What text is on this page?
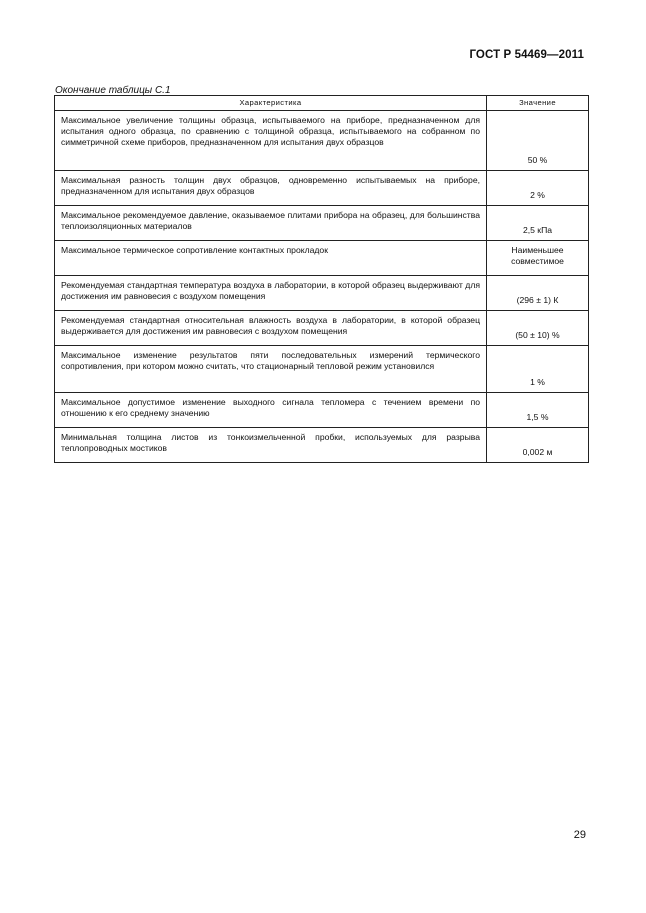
ГОСТ Р 54469—2011
Окончание таблицы С.1
Характеристика	Значение
Максимальное увеличение толщины образца, испытываемого на приборе, предназначенном для испытания одного образца, по сравнению с толщиной образца, испытываемого на собранном по симметричной схеме приборов, предназначенном для испытания двух образцов	50 %
Максимальная разность толщин двух образцов, одновременно испытываемых на приборе, предназначенном для испытания двух образцов	2 %
Максимальное рекомендуемое давление, оказываемое плитами прибора на образец, для большинства теплоизоляционных материалов	2,5 кПа
Максимальное термическое сопротивление контактных прокладок	Наименьшее совместимое
Рекомендуемая стандартная температура воздуха в лаборатории, в которой образец выдерживают для достижения им равновесия с воздухом помещения	(296 ± 1) К
Рекомендуемая стандартная относительная влажность воздуха в лаборатории, в которой образец выдерживается для достижения им равновесия с воздухом помещения	(50 ± 10) %
Максимальное изменение результатов пяти последовательных измерений термического сопротивления, при котором можно считать, что стационарный тепловой режим установился	1 %
Максимальное допустимое изменение выходного сигнала тепломера с течением времени по отношению к его среднему значению	1,5 %
Минимальная толщина листов из тонкоизмельченной пробки, используемых для разрыва теплопроводных мостиков	0,002 м
29
